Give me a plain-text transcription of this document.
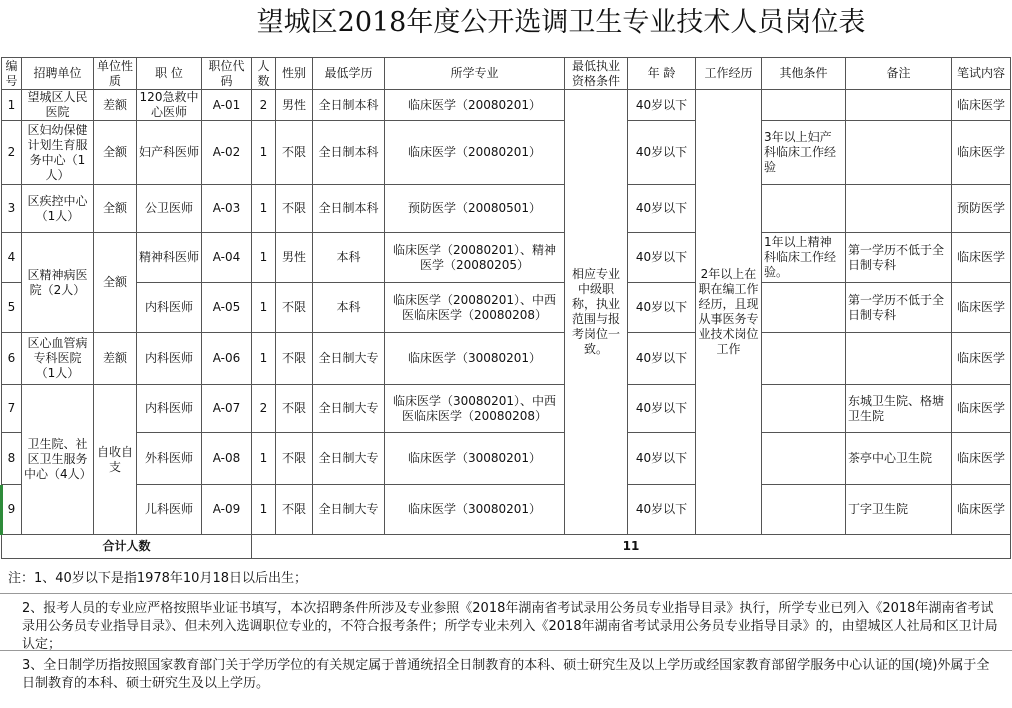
望城区2018年度公开选调卫生专业技术人员岗位表
编号	招聘单位	单位性质	职 位	职位代码	人数	性别	最低学历	所学专业	最低执业资格条件	年 龄	工作经历	其他条件	备注	笔试内容
1	望城区人民医院	差额	120急救中心医师	A-01	2	男性	全日制本科	临床医学（20080201）	相应专业中级职称，执业范围与报考岗位一致。	40岁以下	2年以上在职在编工作经历，且现从事医务专业技术岗位工作			临床医学
2	区妇幼保健计划生育服务中心（1人）	全额	妇产科医师	A-02	1	不限	全日制本科	临床医学（20080201）		40岁以下		3年以上妇产科临床工作经验		临床医学
3	区疾控中心（1人）	全额	公卫医师	A-03	1	不限	全日制本科	预防医学（20080501）		40岁以下				预防医学
4	区精神病医院（2人）	全额	精神科医师	A-04	1	男性	本科	临床医学（20080201）、精神医学（20080205）		40岁以下		1年以上精神科临床工作经验。	第一学历不低于全日制专科	临床医学
5			内科医师	A-05	1	不限	本科	临床医学（20080201）、中西医临床医学（20080208）		40岁以下			第一学历不低于全日制专科	临床医学
6	区心血管病专科医院（1人）	差额	内科医师	A-06	1	不限	全日制大专	临床医学（30080201）		40岁以下				临床医学
7	卫生院、社区卫生服务中心（4人）	自收自支	内科医师	A-07	2	不限	全日制大专	临床医学（30080201）、中西医临床医学（20080208）		40岁以下			东城卫生院、格塘卫生院	临床医学
8			外科医师	A-08	1	不限	全日制大专	临床医学（30080201）		40岁以下			茶亭中心卫生院	临床医学
9			儿科医师	A-09	1	不限	全日制大专	临床医学（30080201）		40岁以下			丁字卫生院	临床医学
合计人数					11									
注：1、40岁以下是指1978年10月18日以后出生；
2、报考人员的专业应严格按照毕业证书填写，本次招聘条件所涉及专业参照《2018年湖南省考试录用公务员专业指导目录》执行，所学专业已列入《2018年湖南省考试录用公务员专业指导目录》、但未列入选调职位专业的，不符合报考条件；所学专业未列入《2018年湖南省考试录用公务员专业指导目录》的，由望城区人社局和区卫计局认定；
3、全日制学历指按照国家教育部门关于学历学位的有关规定属于普通统招全日制教育的本科、硕士研究生及以上学历或经国家教育部留学服务中心认证的国(境)外属于全日制教育的本科、硕士研究生及以上学历。
